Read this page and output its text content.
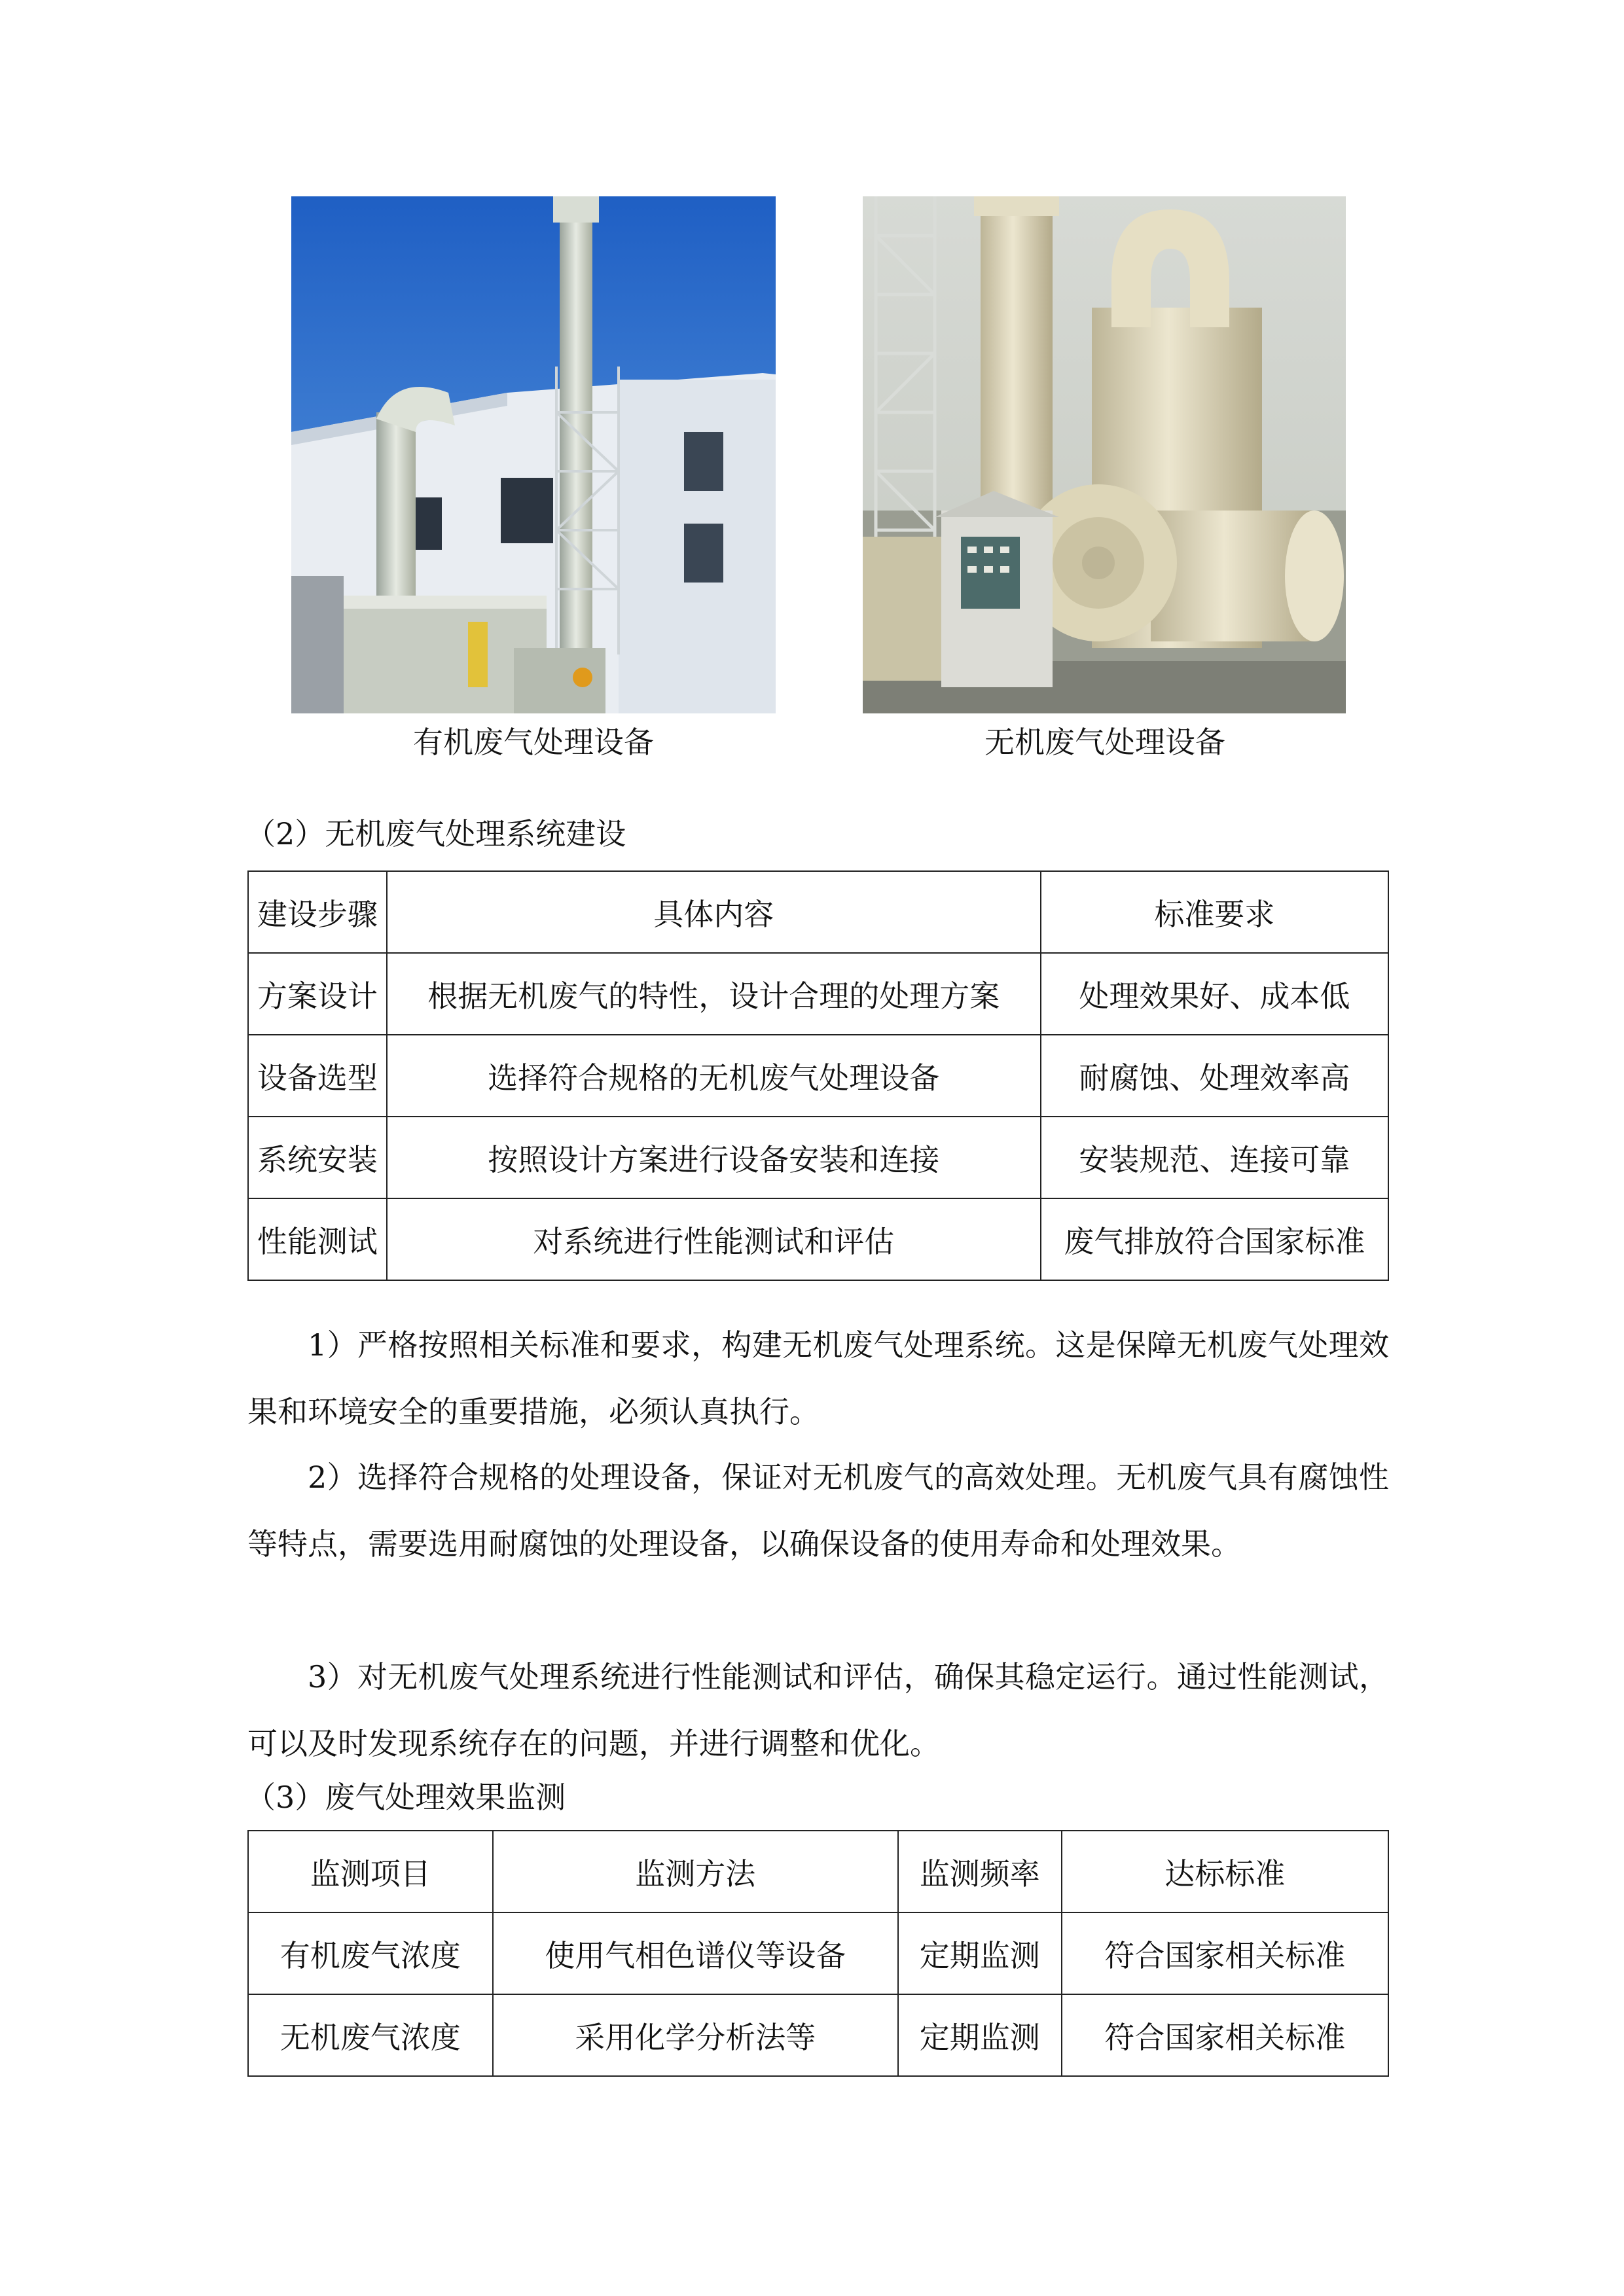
有机废气处理设备	无机废气处理设备
（2）无机废气处理系统建设
建设步骤	具体内容	标准要求
方案设计	根据无机废气的特性，设计合理的处理方案	处理效果好、成本低
设备选型	选择符合规格的无机废气处理设备	耐腐蚀、处理效率高
系统安装	按照设计方案进行设备安装和连接	安装规范、连接可靠
性能测试	对系统进行性能测试和评估	废气排放符合国家标准

1）严格按照相关标准和要求，构建无机废气处理系统。这是保障无机废气处理效果和环境安全的重要措施，必须认真执行。

2）选择符合规格的处理设备，保证对无机废气的高效处理。无机废气具有腐蚀性等特点，需要选用耐腐蚀的处理设备，以确保设备的使用寿命和处理效果。

3）对无机废气处理系统进行性能测试和评估，确保其稳定运行。通过性能测试，可以及时发现系统存在的问题，并进行调整和优化。

（3）废气处理效果监测
监测项目	监测方法	监测频率	达标标准
有机废气浓度	使用气相色谱仪等设备	定期监测	符合国家相关标准
无机废气浓度	采用化学分析法等	定期监测	符合国家相关标准
